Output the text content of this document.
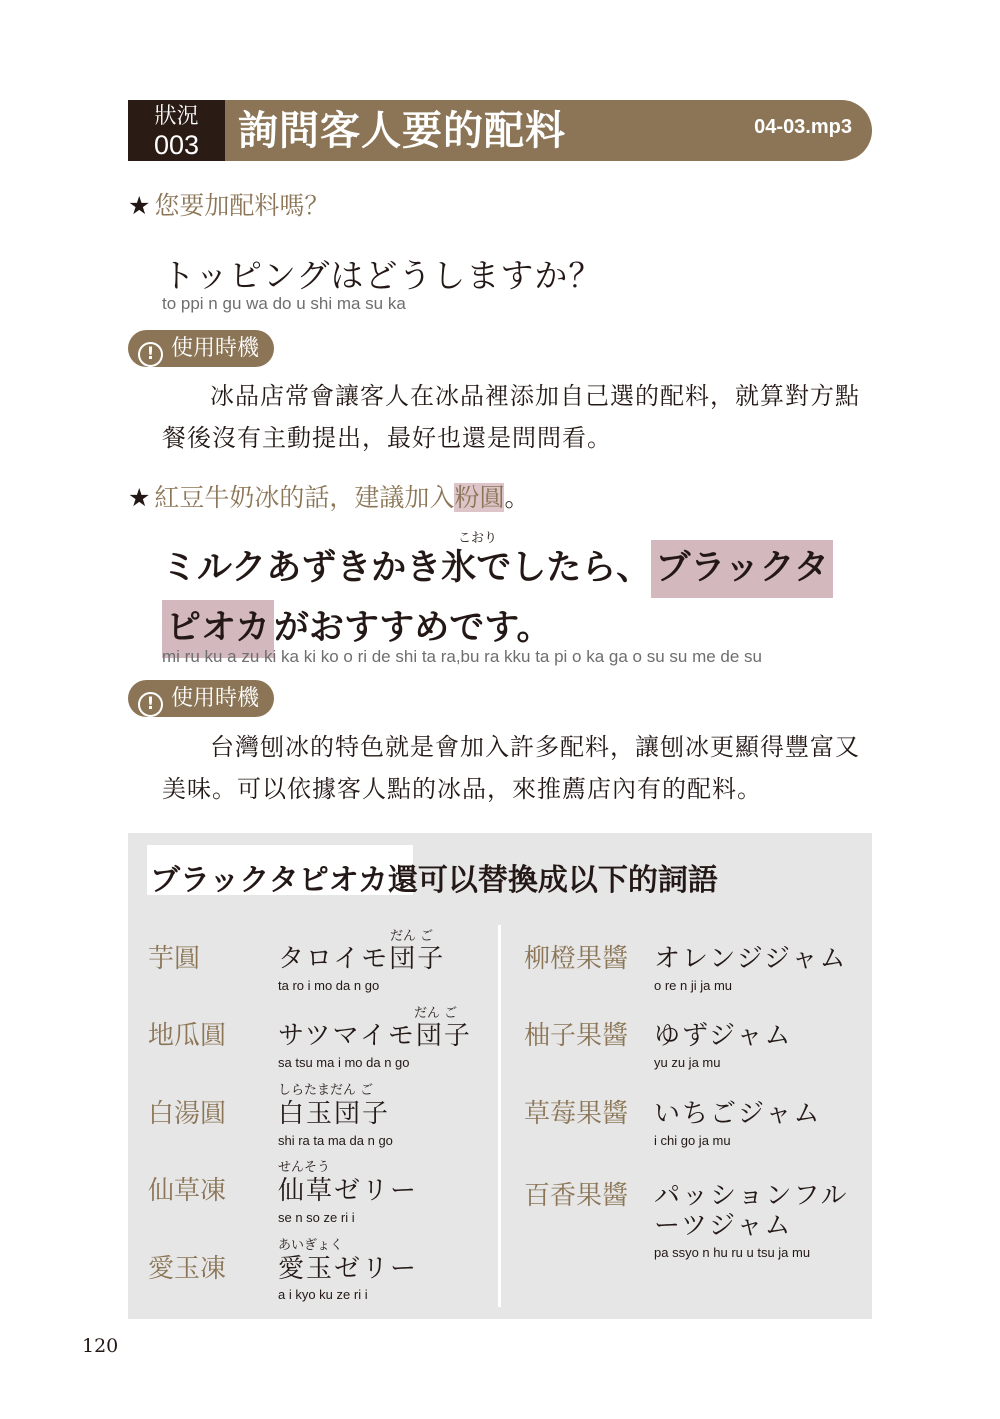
狀況
003 詢問客人要的配料	04-03.mp3
★ 您要加配料嗎？
トッピングはどうしますか？
to ppi n gu wa do u shi ma su ka
! 使用時機
冰品店常會讓客人在冰品裡添加自己選的配料，就算對方點
餐後沒有主動提出，最好也還是問問看。
★ 紅豆牛奶冰的話，建議加入粉圓。
こおり
ミルクあずきかき氷でしたら、 ブラックタ
ピオカ がおすすめです。
mi ru ku a zu ki ka ki ko o ri de shi ta ra,bu ra kku ta pi o ka ga o su su me de su
! 使用時機
台灣刨冰的特色就是會加入許多配料，讓刨冰更顯得豐富又
美味。可以依據客人點的冰品，來推薦店內有的配料。
ブラックタピオカ還可以替換成以下的詞語
芋圓
だん ご
タロイモ団子
ta ro i mo da n go
地瓜圓
だん ご
サツマイモ団子
sa tsu ma i mo da n go
白湯圓
しらたまだん ご
白玉団子
shi ra ta ma da n go
仙草凍
せんそう
仙草ゼリー
se n so ze ri i
愛玉凍
あいぎょく
愛玉ゼリー
a i kyo ku ze ri i
柳橙果醬 オレンジジャム
o re n ji ja mu
柚子果醬 ゆずジャム
yu zu ja mu
草莓果醬 いちごジャム
i chi go ja mu
百香果醬 パッションフル
ーツジャム
pa ssyo n hu ru u tsu ja mu
120
